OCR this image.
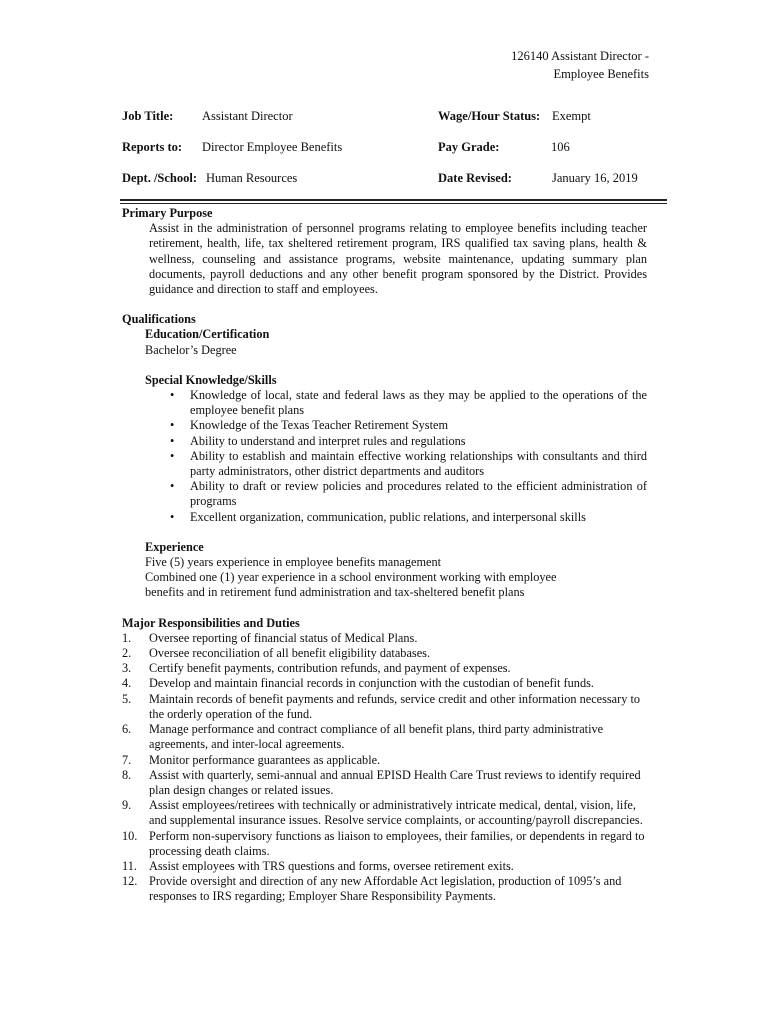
126140 Assistant Director -
Employee Benefits
Job Title: Assistant Director	Wage/Hour Status: Exempt
Reports to: Director Employee Benefits	Pay Grade:	106
Dept. /School: Human Resources	Date Revised:	January 16, 2019

Primary Purpose

Assist in the administration of personnel programs relating to employee benefits including teacher retirement, health, life, tax sheltered retirement program, IRS qualified tax saving plans, health & wellness, counseling and assistance programs, website maintenance, updating summary plan documents, payroll deductions and any other benefit program sponsored by the District. Provides guidance and direction to staff and employees.

Qualifications

Education/Certification

Bachelor’s Degree

Special Knowledge/Skills

• Knowledge of local, state and federal laws as they may be applied to the operations of the employee benefit plans
• Knowledge of the Texas Teacher Retirement System
• Ability to understand and interpret rules and regulations
• Ability to establish and maintain effective working relationships with consultants and third party administrators, other district departments and auditors
• Ability to draft or review policies and procedures related to the efficient administration of programs
• Excellent organization, communication, public relations, and interpersonal skills

Experience

Five (5) years experience in employee benefits management

Combined one (1) year experience in a school environment working with employee

benefits and in retirement fund administration and tax-sheltered benefit plans

Major Responsibilities and Duties

1. Oversee reporting of financial status of Medical Plans.
2. Oversee reconciliation of all benefit eligibility databases.
3. Certify benefit payments, contribution refunds, and payment of expenses.
4. Develop and maintain financial records in conjunction with the custodian of benefit funds.
5. Maintain records of benefit payments and refunds, service credit and other information necessary to the orderly operation of the fund.
6. Manage performance and contract compliance of all benefit plans, third party administrative agreements, and inter-local agreements.
7. Monitor performance guarantees as applicable.
8. Assist with quarterly, semi-annual and annual EPISD Health Care Trust reviews to identify required plan design changes or related issues.
9. Assist employees/retirees with technically or administratively intricate medical, dental, vision, life, and supplemental insurance issues. Resolve service complaints, or accounting/payroll discrepancies.
10. Perform non-supervisory functions as liaison to employees, their families, or dependents in regard to processing death claims.
11. Assist employees with TRS questions and forms, oversee retirement exits.
12. Provide oversight and direction of any new Affordable Act legislation, production of 1095’s and responses to IRS regarding; Employer Share Responsibility Payments.
